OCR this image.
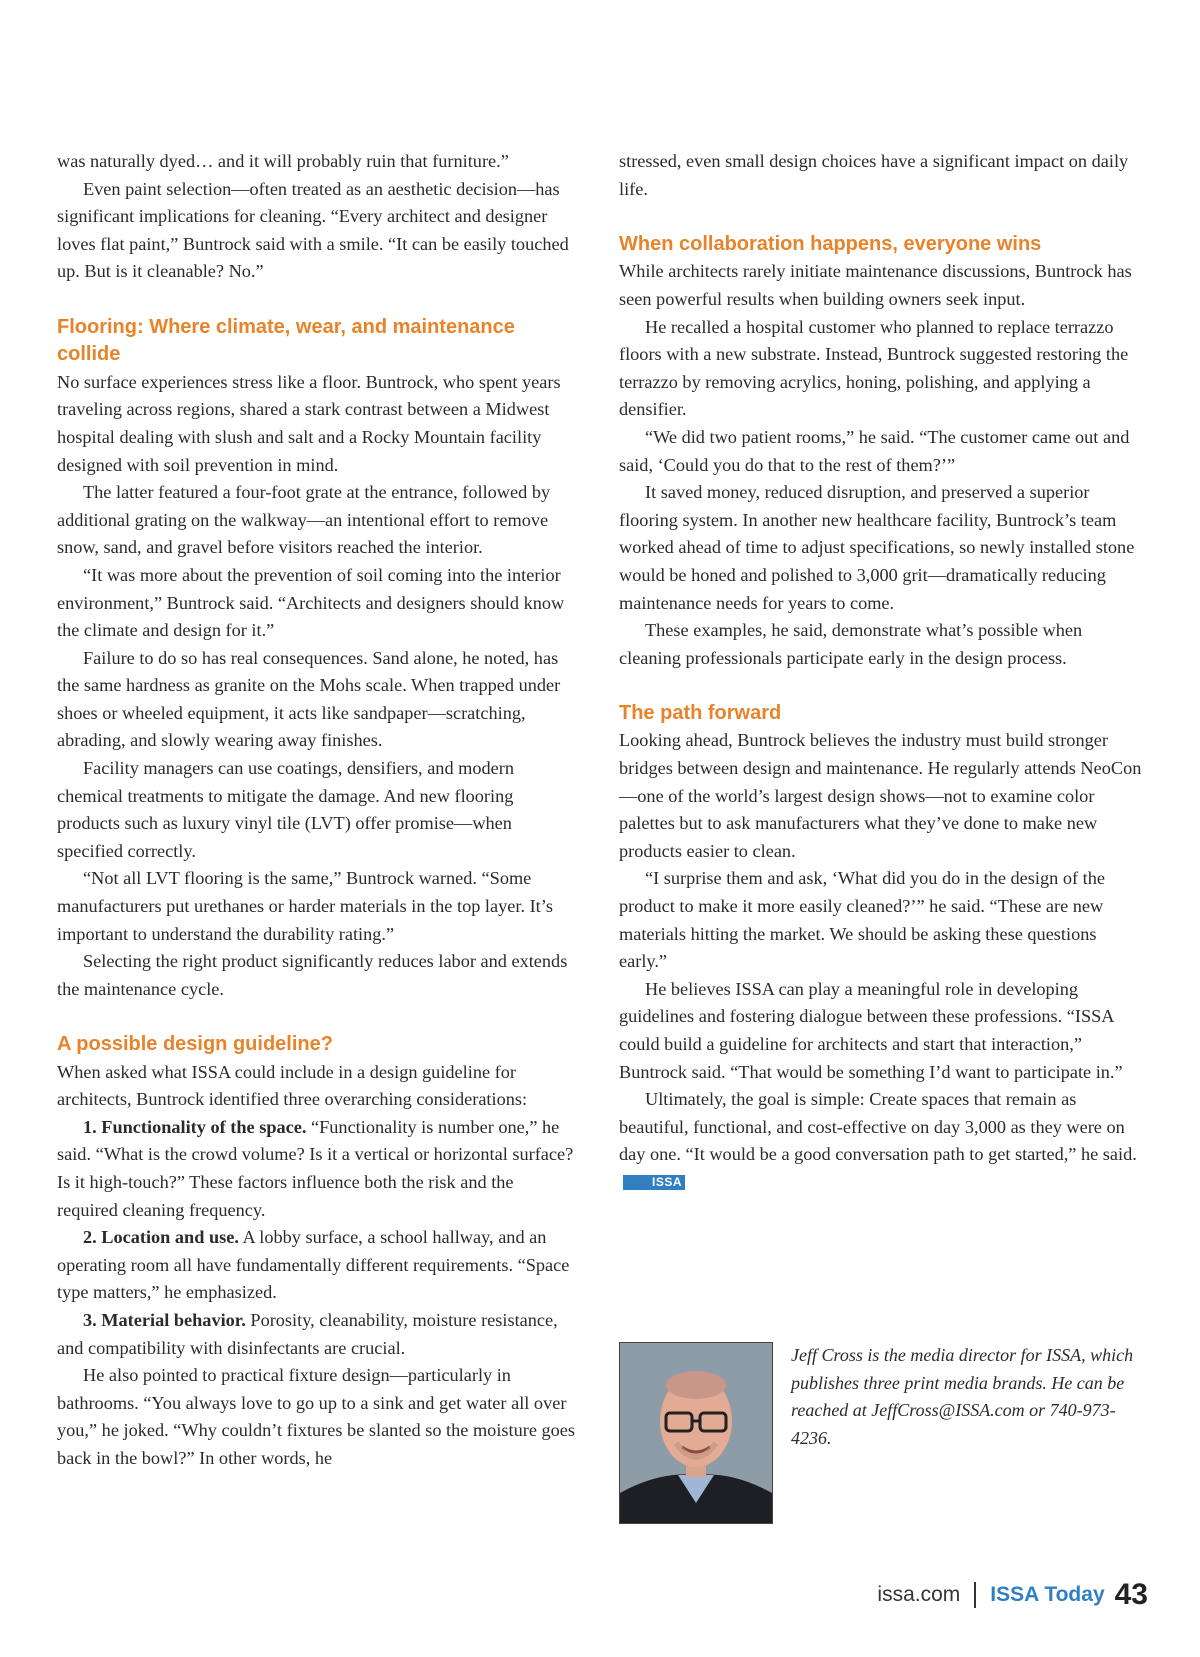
was naturally dyed… and it will probably ruin that furniture.”

Even paint selection—often treated as an aesthetic decision—has significant implications for cleaning. “Every architect and designer loves flat paint,” Buntrock said with a smile. “It can be easily touched up. But is it cleanable? No.”

Flooring: Where climate, wear, and maintenance collide

No surface experiences stress like a floor. Buntrock, who spent years traveling across regions, shared a stark contrast between a Midwest hospital dealing with slush and salt and a Rocky Mountain facility designed with soil prevention in mind.

The latter featured a four-foot grate at the entrance, followed by additional grating on the walkway—an intentional effort to remove snow, sand, and gravel before visitors reached the interior.

“It was more about the prevention of soil coming into the interior environment,” Buntrock said. “Architects and designers should know the climate and design for it.”

Failure to do so has real consequences. Sand alone, he noted, has the same hardness as granite on the Mohs scale. When trapped under shoes or wheeled equipment, it acts like sandpaper—scratching, abrading, and slowly wearing away finishes.

Facility managers can use coatings, densifiers, and modern chemical treatments to mitigate the damage. And new flooring products such as luxury vinyl tile (LVT) offer promise—when specified correctly.

“Not all LVT flooring is the same,” Buntrock warned. “Some manufacturers put urethanes or harder materials in the top layer. It’s important to understand the durability rating.”

Selecting the right product significantly reduces labor and extends the maintenance cycle.

A possible design guideline?

When asked what ISSA could include in a design guideline for architects, Buntrock identified three overarching considerations:

1. Functionality of the space. “Functionality is number one,” he said. “What is the crowd volume? Is it a vertical or horizontal surface? Is it high-touch?” These factors influence both the risk and the required cleaning frequency.

2. Location and use. A lobby surface, a school hallway, and an operating room all have fundamentally different requirements. “Space type matters,” he emphasized.

3. Material behavior. Porosity, cleanability, moisture resistance, and compatibility with disinfectants are crucial.

He also pointed to practical fixture design—particularly in bathrooms. “You always love to go up to a sink and get water all over you,” he joked. “Why couldn’t fixtures be slanted so the moisture goes back in the bowl?” In other words, he

stressed, even small design choices have a significant impact on daily life.

When collaboration happens, everyone wins

While architects rarely initiate maintenance discussions, Buntrock has seen powerful results when building owners seek input.

He recalled a hospital customer who planned to replace terrazzo floors with a new substrate. Instead, Buntrock suggested restoring the terrazzo by removing acrylics, honing, polishing, and applying a densifier.

“We did two patient rooms,” he said. “The customer came out and said, ‘Could you do that to the rest of them?’”

It saved money, reduced disruption, and preserved a superior flooring system. In another new healthcare facility, Buntrock’s team worked ahead of time to adjust specifications, so newly installed stone would be honed and polished to 3,000 grit—dramatically reducing maintenance needs for years to come.

These examples, he said, demonstrate what’s possible when cleaning professionals participate early in the design process.

The path forward

Looking ahead, Buntrock believes the industry must build stronger bridges between design and maintenance. He regularly attends NeoCon—one of the world’s largest design shows—not to examine color palettes but to ask manufacturers what they’ve done to make new products easier to clean.

“I surprise them and ask, ‘What did you do in the design of the product to make it more easily cleaned?’” he said. “These are new materials hitting the market. We should be asking these questions early.”

He believes ISSA can play a meaningful role in developing guidelines and fostering dialogue between these professions. “ISSA could build a guideline for architects and start that interaction,” Buntrock said. “That would be something I’d want to participate in.”

Ultimately, the goal is simple: Create spaces that remain as beautiful, functional, and cost-effective on day 3,000 as they were on day one. “It would be a good conversation path to get started,” he said.ISSA

Jeff Cross is the media director for ISSA, which publishes three print media brands. He can be reached at JeffCross@ISSA.com or 740-973-4236.
issa.com ISSA Today 43
